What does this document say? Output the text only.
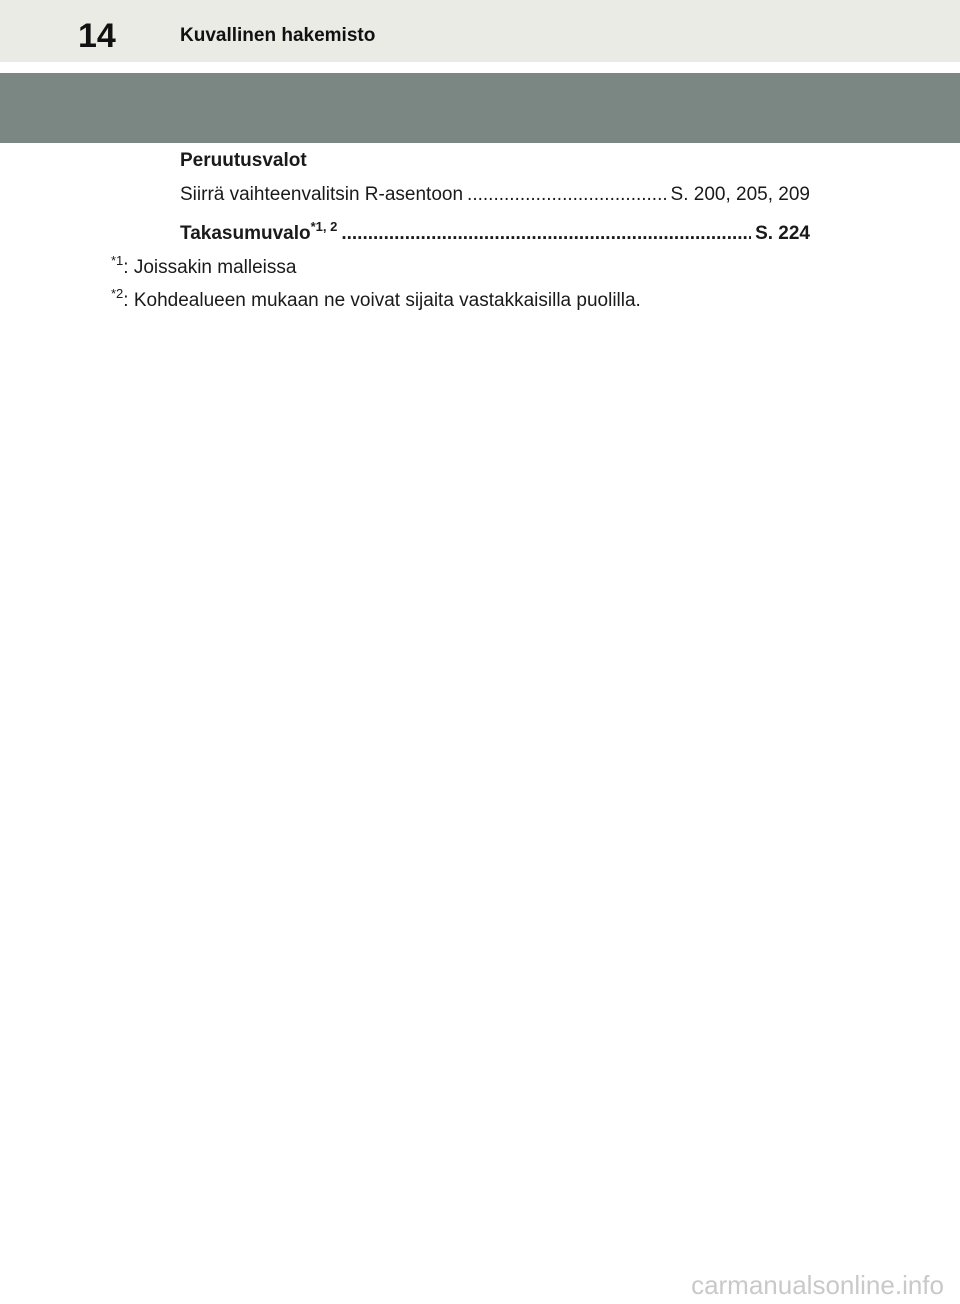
14	Kuvallinen hakemisto
Peruutusvalot
Siirrä vaihteenvalitsin R-asentoon .....	S. 200, 205, 209
Takasumuvalo$^{*1, 2}$ .....	S. 224
$^{*1}$: Joissakin malleissa
$^{*2}$: Kohdealueen mukaan ne voivat sijaita vastakkaisilla puolilla.
carmanualsonline.info
